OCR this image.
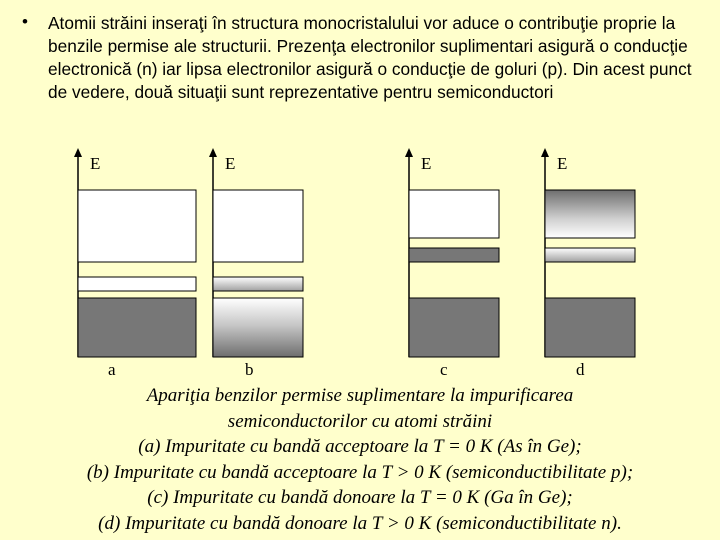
• Atomii străini inseraţi în structura monocristalului vor aduce o contribuţie proprie la benzile permise ale structurii. Prezenţa electronilor suplimentari asigură o conducţie electronică (n) iar lipsa electronilor asigură o conducţie de goluri (p). Din acest punct de vedere, două situaţii sunt reprezentative pentru semiconductori
E
a
E
b
E
c
E
d
Apariţia benzilor permise suplimentare la impurificarea
semiconductorilor cu atomi străini
(a) Impuritate cu bandă acceptoare la T = 0 K (As în Ge);
(b) Impuritate cu bandă acceptoare la T > 0 K (semiconductibilitate p);
(c) Impuritate cu bandă donoare la T = 0 K (Ga în Ge);
(d) Impuritate cu bandă donoare la T > 0 K (semiconductibilitate n).
